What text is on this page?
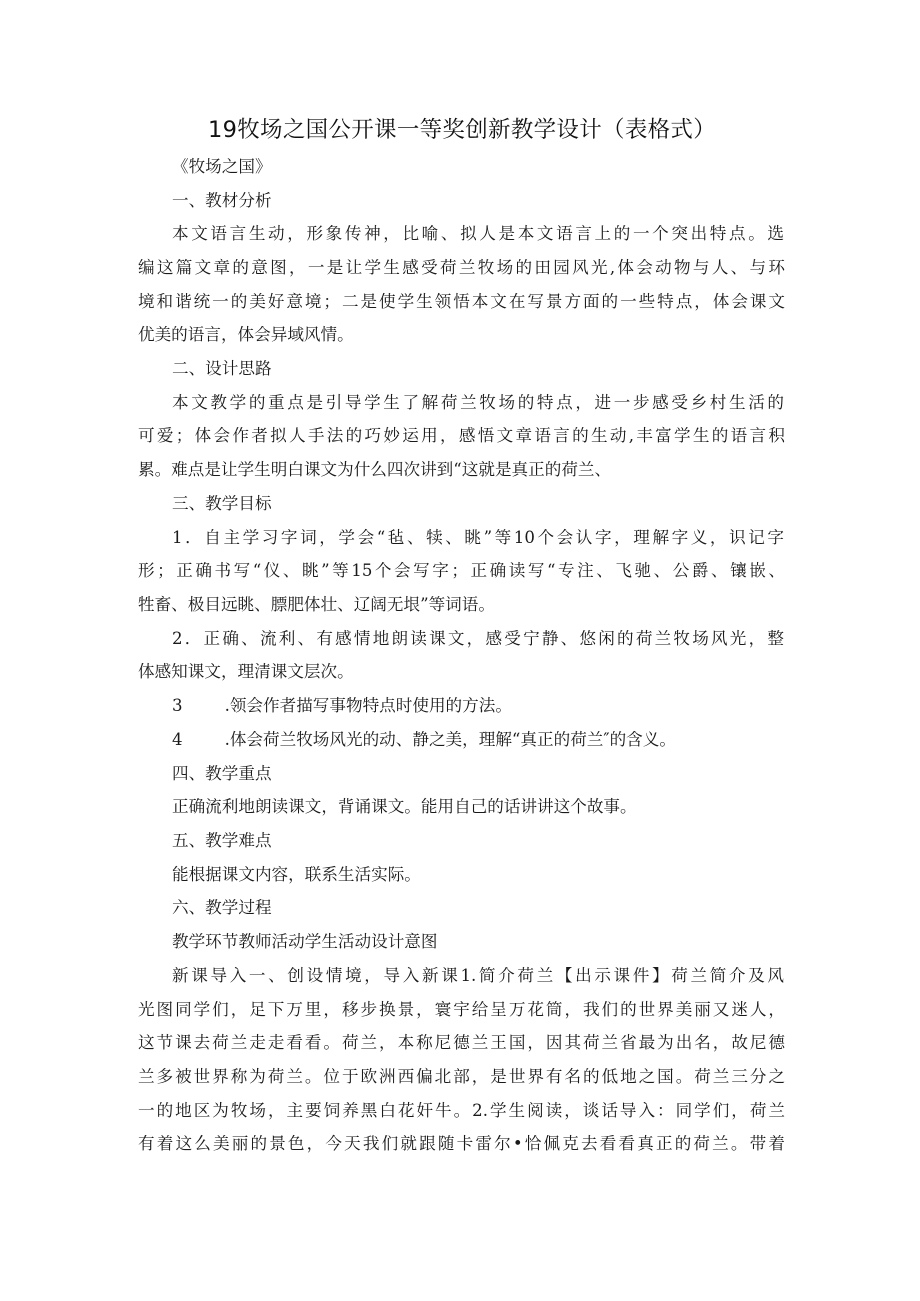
19牧场之国公开课一等奖创新教学设计（表格式）
《牧场之国》
一、教材分析
本文语言生动，形象传神，比喻、拟人是本文语言上的一个突出特点。选
编这篇文章的意图，一是让学生感受荷兰牧场的田园风光,体会动物与人、与环
境和谐统一的美好意境；二是使学生领悟本文在写景方面的一些特点，体会课文
优美的语言，体会异域风情。
二、设计思路
本文教学的重点是引导学生了解荷兰牧场的特点，进一步感受乡村生活的
可爱；体会作者拟人手法的巧妙运用，感悟文章语言的生动,丰富学生的语言积
累。难点是让学生明白课文为什么四次讲到“这就是真正的荷兰、
三、教学目标
1．自主学习字词，学会“毡、犊、眺”等10个会认字，理解字义，识记字
形；正确书写“仪、眺”等15个会写字；正确读写“专注、飞驰、公爵、镶嵌、
牲畜、极目远眺、膘肥体壮、辽阔无垠”等词语。
2．正确、流利、有感情地朗读课文，感受宁静、悠闲的荷兰牧场风光，整
体感知课文，理清课文层次。
3	.领会作者描写事物特点时使用的方法。
4	.体会荷兰牧场风光的动、静之美，理解“真正的荷兰″的含义。
四、教学重点
正确流利地朗读课文，背诵课文。能用自己的话讲讲这个故事。
五、教学难点
能根据课文内容，联系生活实际。
六、教学过程
教学环节教师活动学生活动设计意图
新课导入一、创设情境，导入新课1.简介荷兰【出示课件】荷兰简介及风
光图同学们，足下万里，移步换景，寰宇给呈万花筒，我们的世界美丽又迷人，
这节课去荷兰走走看看。荷兰，本称尼德兰王国，因其荷兰省最为出名，故尼德
兰多被世界称为荷兰。位于欧洲西偏北部，是世界有名的低地之国。荷兰三分之
一的地区为牧场，主要饲养黑白花奸牛。2.学生阅读，谈话导入：同学们，荷兰
有着这么美丽的景色，今天我们就跟随卡雷尔•恰佩克去看看真正的荷兰。带着
